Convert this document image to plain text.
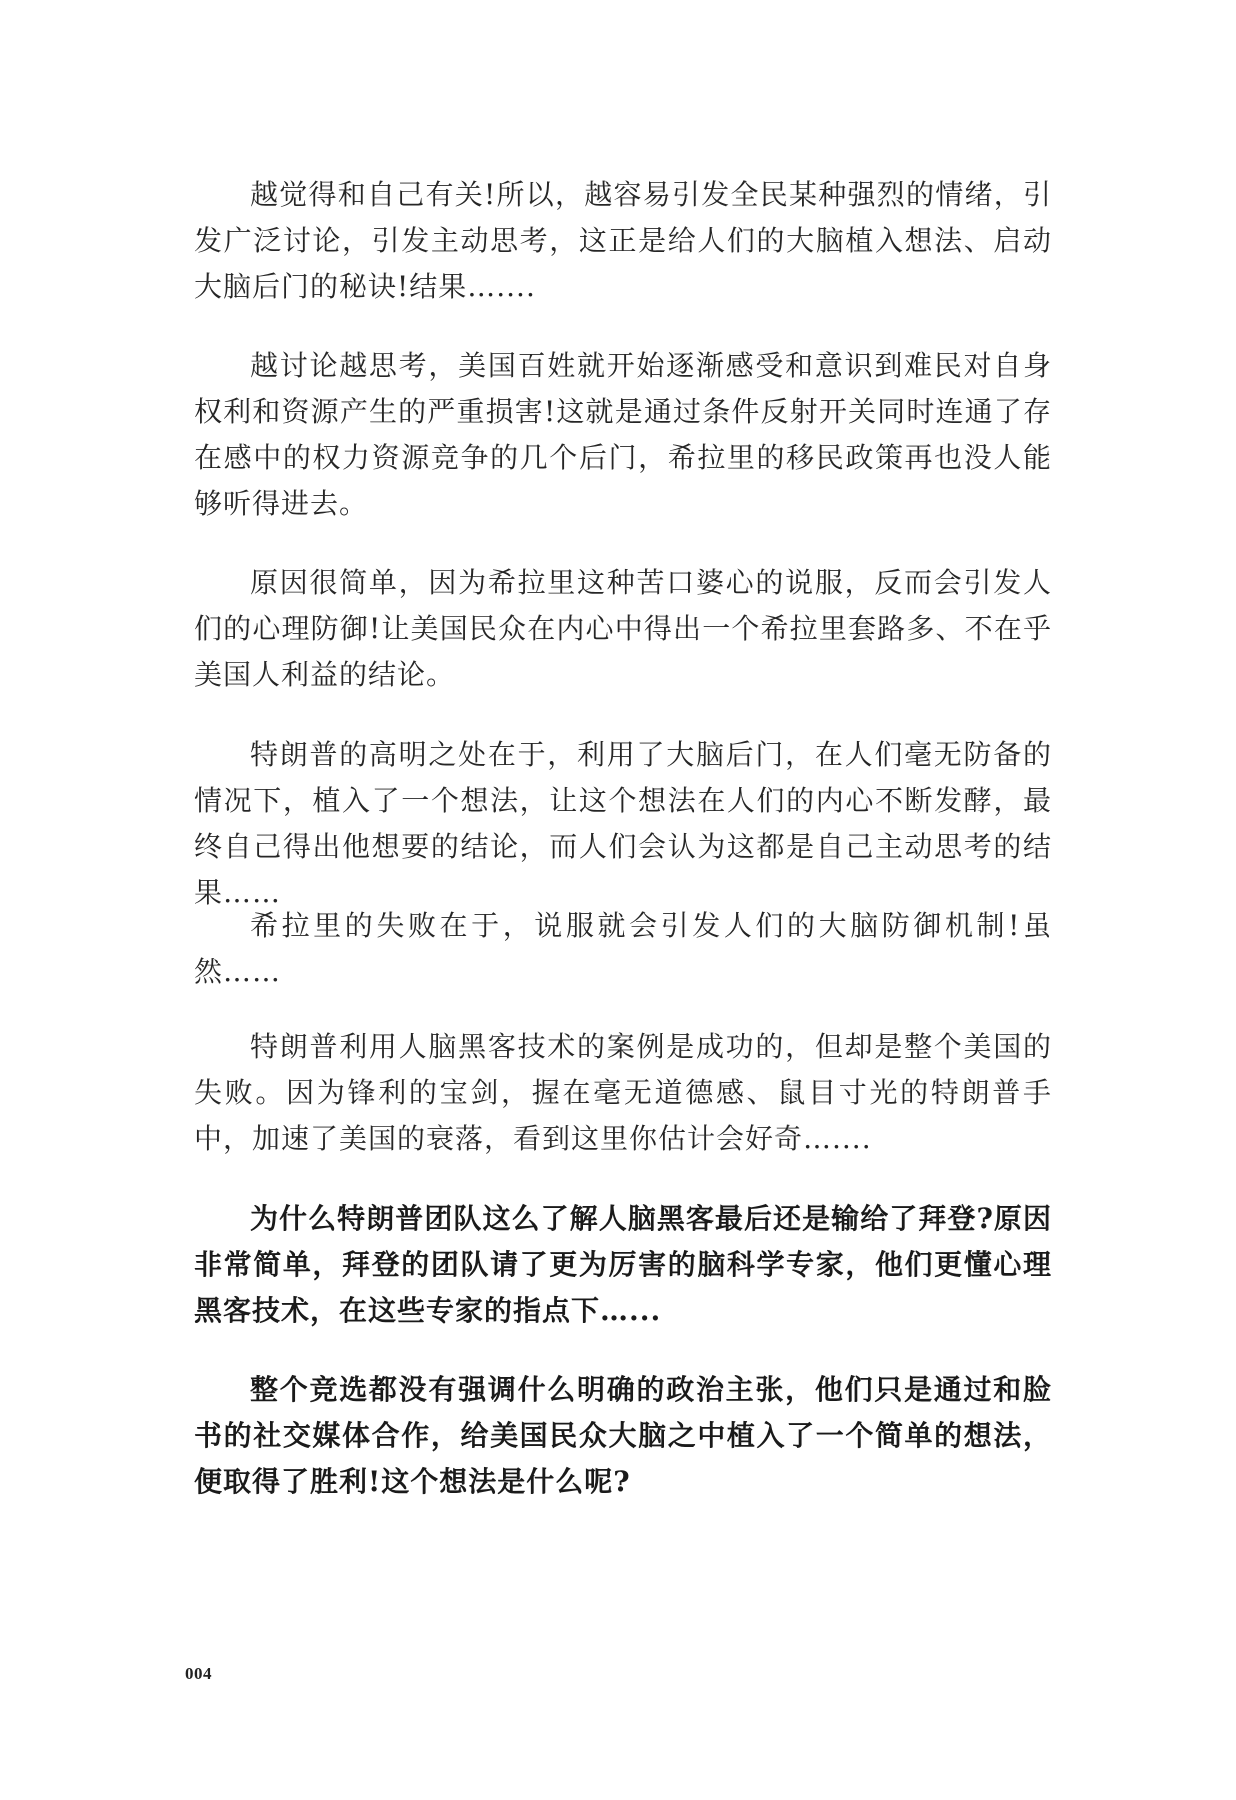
越觉得和自己有关!所以，越容易引发全民某种强烈的情绪，引发广泛讨论，引发主动思考，这正是给人们的大脑植入想法、启动大脑后门的秘诀!结果…....

越讨论越思考，美国百姓就开始逐渐感受和意识到难民对自身权利和资源产生的严重损害!这就是通过条件反射开关同时连通了存在感中的权力资源竞争的几个后门，希拉里的移民政策再也没人能够听得进去。

原因很简单，因为希拉里这种苦口婆心的说服，反而会引发人们的心理防御!让美国民众在内心中得出一个希拉里套路多、不在乎美国人利益的结论。

特朗普的高明之处在于，利用了大脑后门，在人们毫无防备的情况下，植入了一个想法，让这个想法在人们的内心不断发酵，最终自己得出他想要的结论，而人们会认为这都是自己主动思考的结果……

希拉里的失败在于，说服就会引发人们的大脑防御机制!虽然……

特朗普利用人脑黑客技术的案例是成功的，但却是整个美国的失败。因为锋利的宝剑，握在毫无道德感、鼠目寸光的特朗普手中，加速了美国的衰落，看到这里你估计会好奇…....

为什么特朗普团队这么了解人脑黑客最后还是输给了拜登?原因非常简单，拜登的团队请了更为厉害的脑科学专家，他们更懂心理黑客技术，在这些专家的指点下…...

整个竞选都没有强调什么明确的政治主张，他们只是通过和脸书的社交媒体合作，给美国民众大脑之中植入了一个简单的想法，便取得了胜利!这个想法是什么呢?

004
